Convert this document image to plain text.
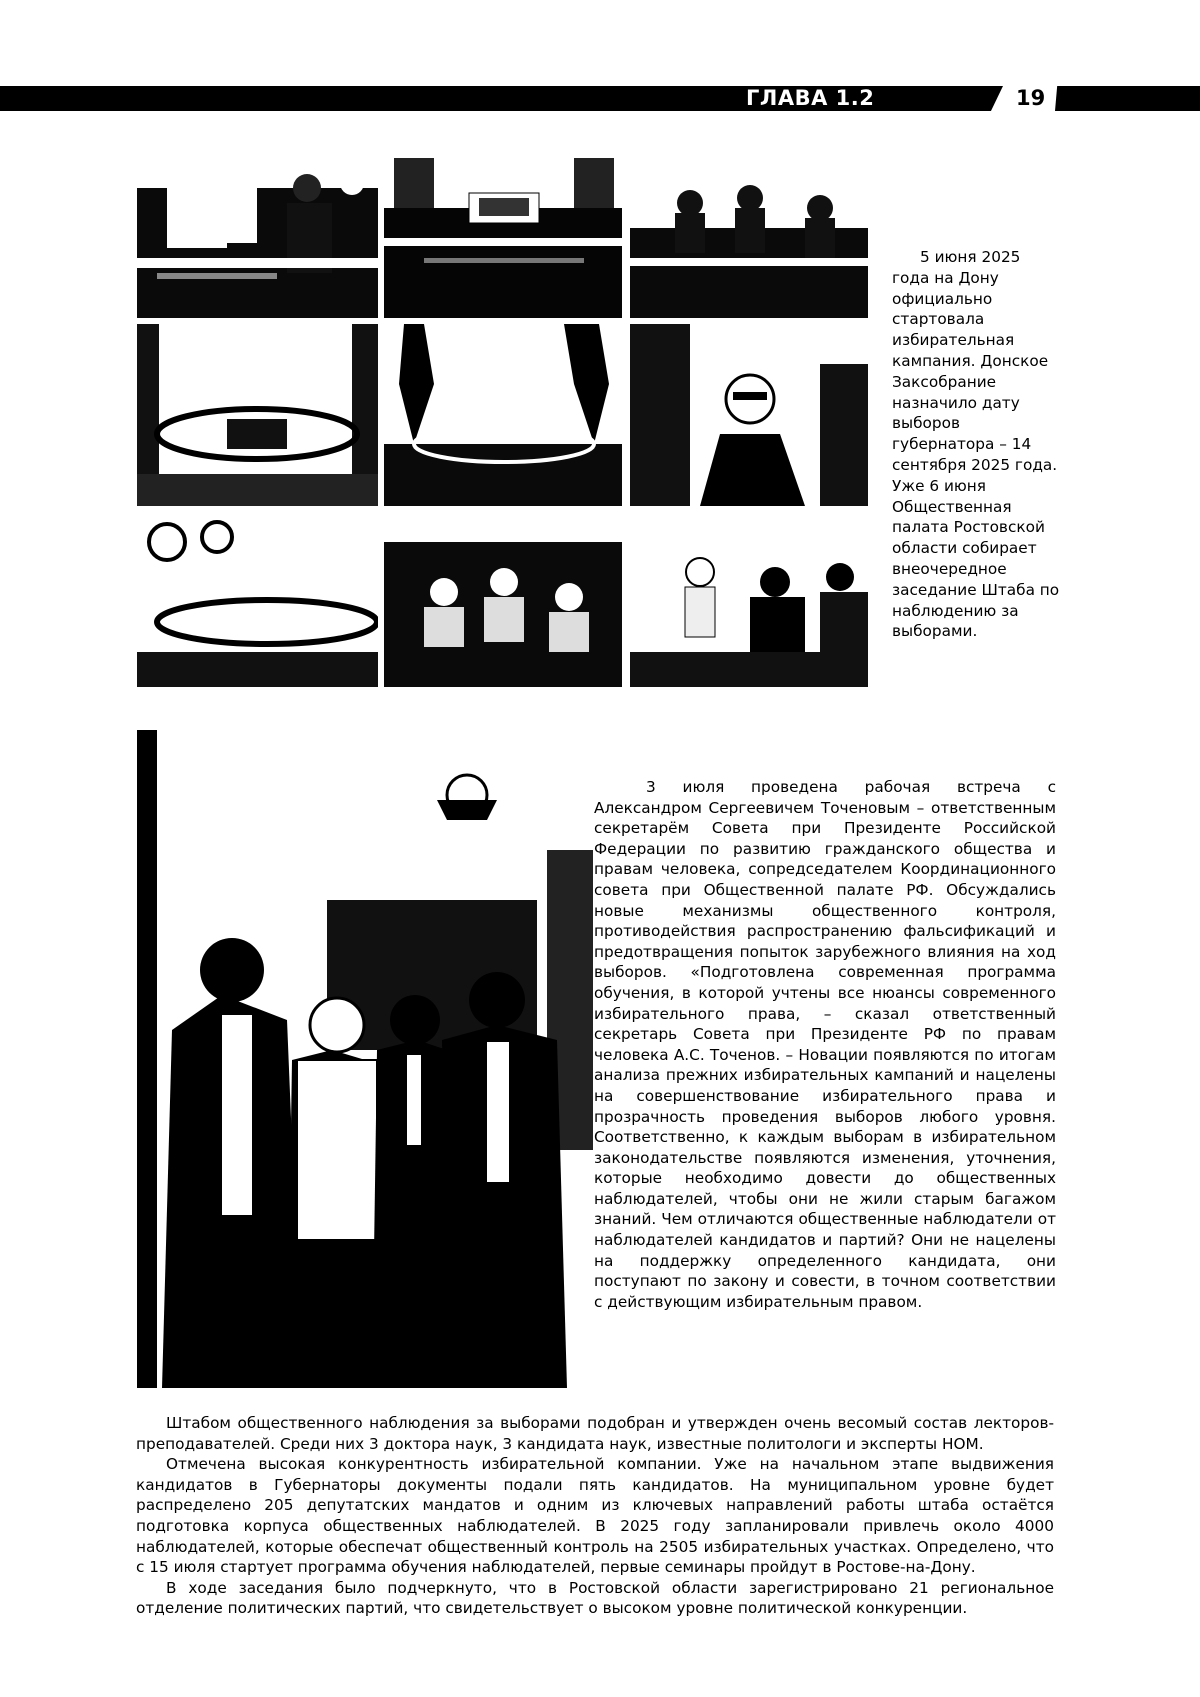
ГЛАВА 1.2	19

5 июня 2025 года на Дону официально стартовала избирательная кампания. Донское Заксобрание назначило дату выборов губернатора – 14 сентября 2025 года. Уже 6 июня Общественная палата Ростовской области собирает внеочередное заседание Штаба по наблюдению за выборами.

3 июля проведена рабочая встреча с Александром Сергеевичем Точеновым – ответственным секретарём Совета при Президенте Российской Федерации по развитию гражданского общества и правам человека, сопредседателем Координационного совета при Общественной палате РФ. Обсуждались новые механизмы общественного контроля, противодействия распространению фальсификаций и предотвращения попыток зарубежного влияния на ход выборов. «Подготовлена современная программа обучения, в которой учтены все нюансы современного избирательного права, – сказал ответственный секретарь Совета при Президенте РФ по правам человека А.С. Точенов. – Новации появляются по итогам анализа прежних избирательных кампаний и нацелены на совершенствование избирательного права и прозрачность проведения выборов любого уровня. Соответственно, к каждым выборам в избирательном законодательстве появляются изменения, уточнения, которые необходимо довести до общественных наблюдателей, чтобы они не жили старым багажом знаний. Чем отличаются общественные наблюдатели от наблюдателей кандидатов и партий? Они не нацелены на поддержку определенного кандидата, они поступают по закону и совести, в точном соответствии с действующим избирательным правом.

Штабом общественного наблюдения за выборами подобран и утвержден очень весомый состав лекторов-преподавателей. Среди них 3 доктора наук, 3 кандидата наук, известные политологи и эксперты НОМ.

Отмечена высокая конкурентность избирательной компании. Уже на начальном этапе выдвижения кандидатов в Губернаторы документы подали пять кандидатов. На муниципальном уровне будет распределено 205 депутатских мандатов и одним из ключевых направлений работы штаба остаётся подготовка корпуса общественных наблюдателей. В 2025 году запланировали привлечь около 4000 наблюдателей, которые обеспечат общественный контроль на 2505 избирательных участках. Определено, что с 15 июля стартует программа обучения наблюдателей, первые семинары пройдут в Ростове-на-Дону.

В ходе заседания было подчеркнуто, что в Ростовской области зарегистрировано 21 региональное отделение политических партий, что свидетельствует о высоком уровне политической конкуренции.
